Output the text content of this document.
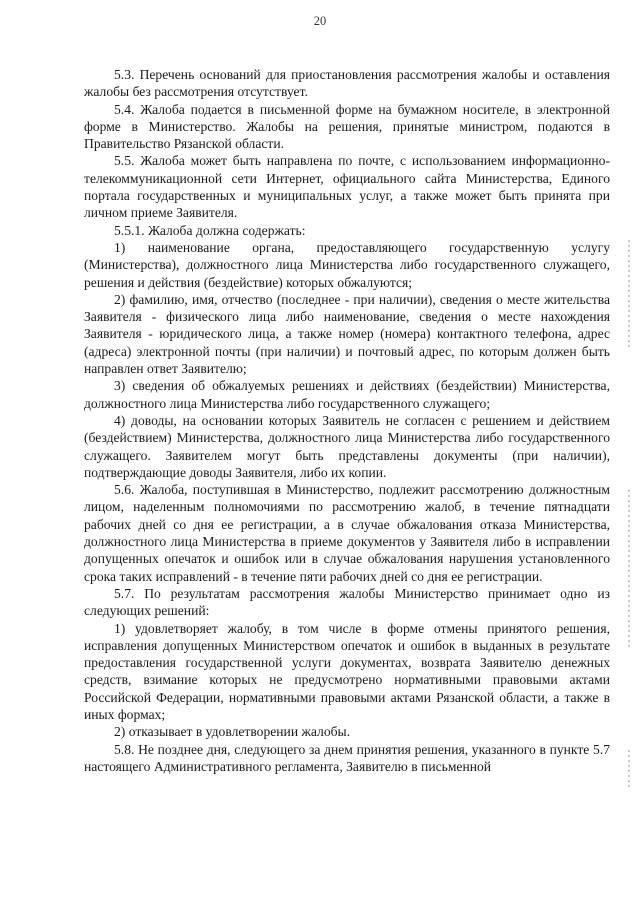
20

5.3. Перечень оснований для приостановления рассмотрения жалобы и оставления жалобы без рассмотрения отсутствует.

5.4. Жалоба подается в письменной форме на бумажном носителе, в электронной форме в Министерство. Жалобы на решения, принятые министром, подаются в Правительство Рязанской области.

5.5. Жалоба может быть направлена по почте, с использованием информационно-телекоммуникационной сети Интернет, официального сайта Министерства, Единого портала государственных и муниципальных услуг, а также может быть принята при личном приеме Заявителя.

5.5.1. Жалоба должна содержать:

1) наименование органа, предоставляющего государственную услугу (Министерства), должностного лица Министерства либо государственного служащего, решения и действия (бездействие) которых обжалуются;

2) фамилию, имя, отчество (последнее - при наличии), сведения о месте жительства Заявителя - физического лица либо наименование, сведения о месте нахождения Заявителя - юридического лица, а также номер (номера) контактного телефона, адрес (адреса) электронной почты (при наличии) и почтовый адрес, по которым должен быть направлен ответ Заявителю;

3) сведения об обжалуемых решениях и действиях (бездействии) Министерства, должностного лица Министерства либо государственного служащего;

4) доводы, на основании которых Заявитель не согласен с решением и действием (бездействием) Министерства, должностного лица Министерства либо государственного служащего. Заявителем могут быть представлены документы (при наличии), подтверждающие доводы Заявителя, либо их копии.

5.6. Жалоба, поступившая в Министерство, подлежит рассмотрению должностным лицом, наделенным полномочиями по рассмотрению жалоб, в течение пятнадцати рабочих дней со дня ее регистрации, а в случае обжалования отказа Министерства, должностного лица Министерства в приеме документов у Заявителя либо в исправлении допущенных опечаток и ошибок или в случае обжалования нарушения установленного срока таких исправлений - в течение пяти рабочих дней со дня ее регистрации.

5.7. По результатам рассмотрения жалобы Министерство принимает одно из следующих решений:

1) удовлетворяет жалобу, в том числе в форме отмены принятого решения, исправления допущенных Министерством опечаток и ошибок в выданных в результате предоставления государственной услуги документах, возврата Заявителю денежных средств, взимание которых не предусмотрено нормативными правовыми актами Российской Федерации, нормативными правовыми актами Рязанской области, а также в иных формах;

2) отказывает в удовлетворении жалобы.

5.8. Не позднее дня, следующего за днем принятия решения, указанного в пункте 5.7 настоящего Административного регламента, Заявителю в письменной
